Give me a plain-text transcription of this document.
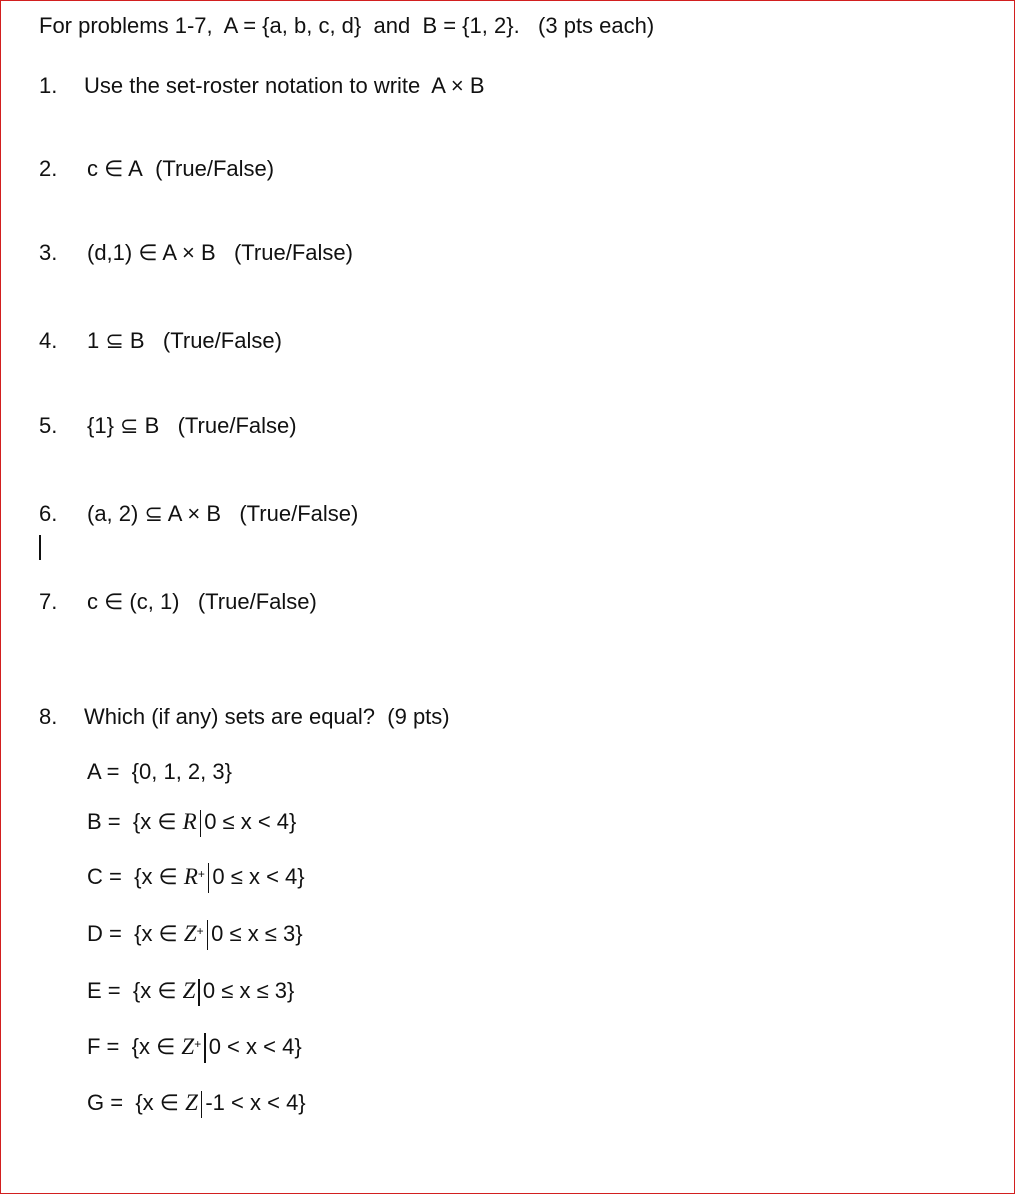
For problems 1-7, A = {a, b, c, d} and B = {1, 2}. (3 pts each)
1. Use the set-roster notation to write A × B
2. c ∈ A (True/False)
3. (d,1) ∈ A × B (True/False)
4. 1 ⊆ B (True/False)
5. {1} ⊆ B (True/False)
6. (a, 2) ⊆ A × B (True/False)
7. c ∈ (c, 1) (True/False)
8. Which (if any) sets are equal? (9 pts)
A = {0, 1, 2, 3}
B = {x ∈ R 0 ≤ x < 4}
C = {x ∈ R+ 0 ≤ x < 4}
D = {x ∈ Z+ 0 ≤ x ≤ 3}
E = {x ∈ Z 0 ≤ x ≤ 3}
F = {x ∈ Z+ 0 < x < 4}
G = {x ∈ Z -1 < x < 4}
